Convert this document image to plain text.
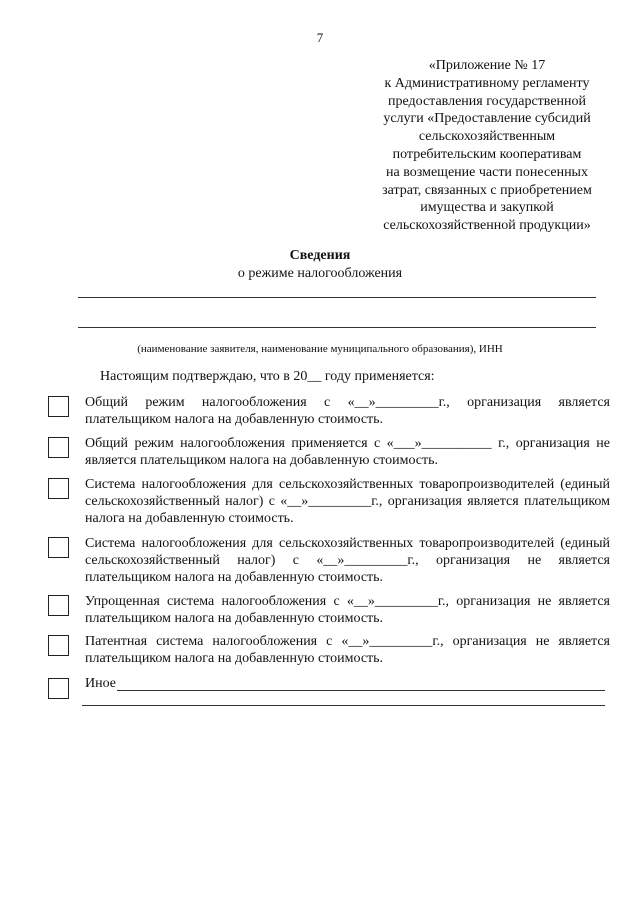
7
«Приложение № 17
к Административному регламенту
предоставления государственной
услуги «Предоставление субсидий
сельскохозяйственным
потребительским кооперативам
на возмещение части понесенных
затрат, связанных с приобретением
имущества и закупкой
сельскохозяйственной продукции»
Сведения
о режиме налогообложения
(наименование заявителя, наименование муниципального образования), ИНН
Настоящим подтверждаю, что в 20__ году применяется:
Общий режим налогообложения с «__»_________г., организация является плательщиком налога на добавленную стоимость.
Общий режим налогообложения применяется с «___»__________ г., организация не является плательщиком налога на добавленную стоимость.
Система налогообложения для сельскохозяйственных товаропроизводителей (единый сельскохозяйственный налог) с «__»_________г., организация является плательщиком налога на добавленную стоимость.
Система налогообложения для сельскохозяйственных товаропроизводителей (единый сельскохозяйственный налог) с «__»_________г., организация не является плательщиком налога на добавленную стоимость.
Упрощенная система налогообложения с «__»_________г., организация не является плательщиком налога на добавленную стоимость.
Патентная система налогообложения с «__»_________г., организация не является плательщиком налога на добавленную стоимость.
Иное
